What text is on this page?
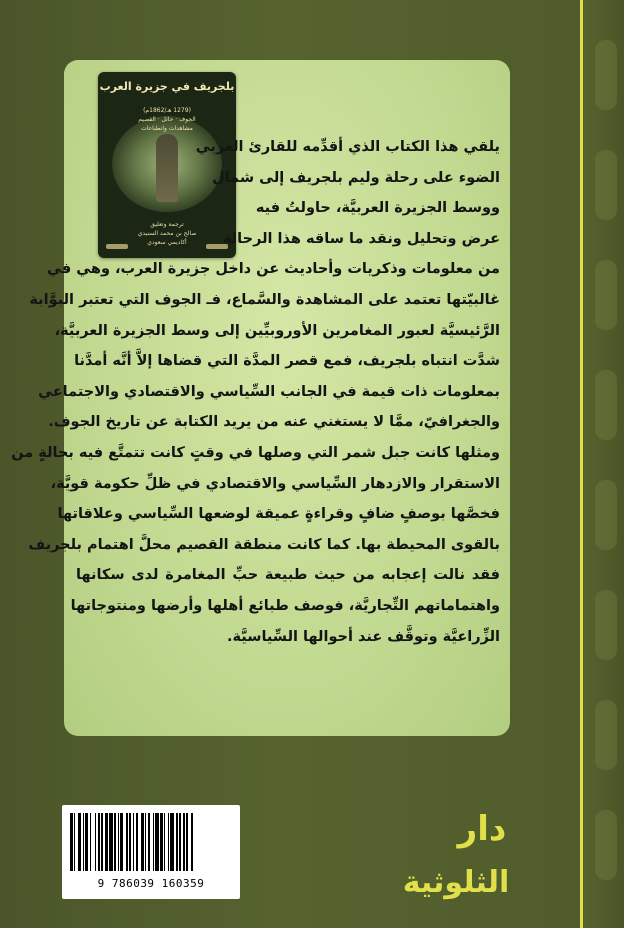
بلجريف في جزيرة العرب
(1279 هـ/1862م)
الجوف · حائل · القصيم
مشاهدات وانطباعات
ترجمة وتعليق
صالح بن محمد السنيدي
أكاديمي سعودي
يلقي هذا الكتاب الذي أقدِّمه للقارئ العربي
الضوء على رحلة وليم بلجريف إلى شمال
ووسط الجزيرة العربيَّة، حاولتُ فيه
عرض وتحليل ونقد ما ساقه هذا الرحالة
من معلومات وذكريات وأحاديث عن داخل جزيرة العرب، وهي في
غالبيّتها تعتمد على المشاهدة والسَّماع، فـ الجوف التي تعتبر البوَّابة
الرَّئيسيَّة لعبور المغامرين الأوروبيِّين إلى وسط الجزيرة العربيَّة،
شدَّت انتباه بلجريف، فمع قصر المدَّة التي قضاها إلاَّ أنَّه أمدَّنا
بمعلومات ذات قيمة في الجانب السِّياسي والاقتصادي والاجتماعي
والجغرافيّ، ممَّا لا يستغني عنه من يريد الكتابة عن تاريخ الجوف.
ومثلها كانت جبل شمر التي وصلها في وقتٍ كانت تتمتَّع فيه بحالةٍ من
الاستقرار والازدهار السِّياسي والاقتصادي في ظلِّ حكومة قويَّة،
فخصَّها بوصفٍ ضافٍ وقراءةٍ عميقة لوضعها السِّياسي وعلاقاتها
بالقوى المحيطة بها. كما كانت منطقة القصيم محلَّ اهتمام بلجريف
فقد نالت إعجابه من حيث طبيعة حبِّ المغامرة لدى سكانها
واهتماماتهم التِّجاريَّة، فوصف طبائع أهلها وأرضها ومنتوجاتها
الزِّراعيَّة وتوقَّف عند أحوالها السِّياسيَّة.
9 786039 160359
دار
الثلوثية
